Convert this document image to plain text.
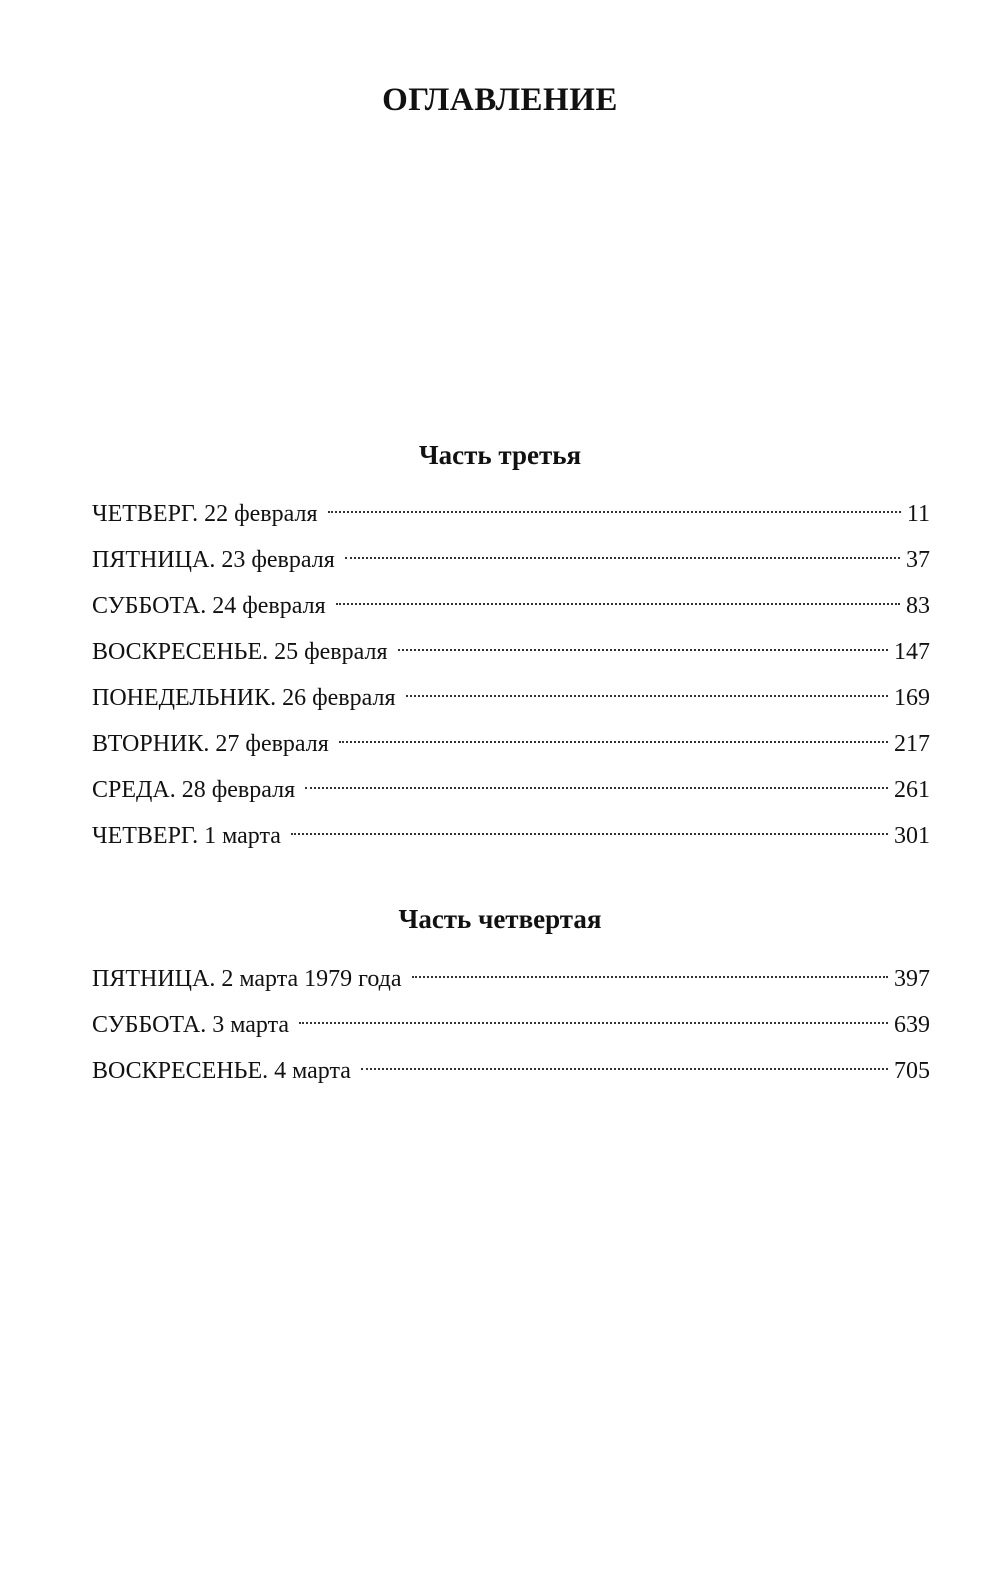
ОГЛАВЛЕНИЕ
Часть третья
ЧЕТВЕРГ. 22 февраля	11
ПЯТНИЦА. 23 февраля	37
СУББОТА. 24 февраля	83
ВОСКРЕСЕНЬЕ. 25 февраля	147
ПОНЕДЕЛЬНИК. 26 февраля	169
ВТОРНИК. 27 февраля	217
СРЕДА. 28 февраля	261
ЧЕТВЕРГ. 1 марта	301
Часть четвертая
ПЯТНИЦА. 2 марта 1979 года	397
СУББОТА. 3 марта	639
ВОСКРЕСЕНЬЕ. 4 марта	705
